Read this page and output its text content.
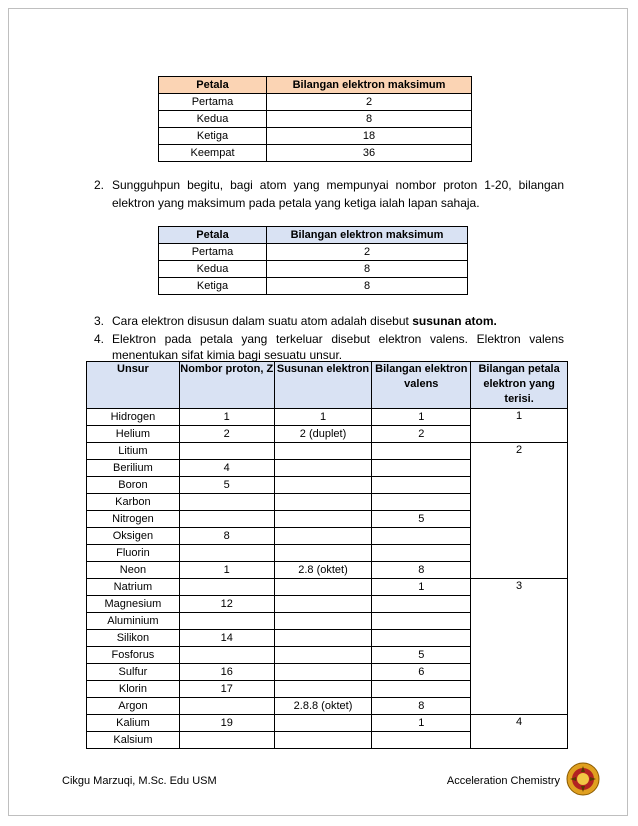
Petala	Bilangan elektron maksimum
Pertama	2
Kedua	8
Ketiga	18
Keempat	36
2. Sungguhpun begitu, bagi atom yang mempunyai nombor proton 1-20, bilangan
elektron yang maksimum pada petala yang ketiga ialah lapan sahaja.
Petala	Bilangan elektron maksimum
Pertama	2
Kedua	8
Ketiga	8
3. Cara elektron disusun dalam suatu atom adalah disebut susunan atom.
4. Elektron pada petala yang terkeluar disebut elektron valens. Elektron valens
menentukan sifat kimia bagi sesuatu unsur.
Unsur	Nombor proton, Z	Susunan elektron	Bilangan elektron valens	Bilangan petala elektron yang terisi.
Hidrogen	1	1	1	1
Helium	2	2 (duplet)	2	
Litium				2
Berilium	4			
Boron	5			
Karbon				
Nitrogen			5	
Oksigen	8			
Fluorin				
Neon	1	2.8 (oktet)	8	
Natrium			1	3
Magnesium	12			
Aluminium				
Silikon	14			
Fosforus			5	
Sulfur	16		6	
Klorin	17			
Argon		2.8.8 (oktet)	8	
Kalium	19		1	4
Kalsium				
Cikgu Marzuqi, M.Sc. Edu USM	Acceleration Chemistry
